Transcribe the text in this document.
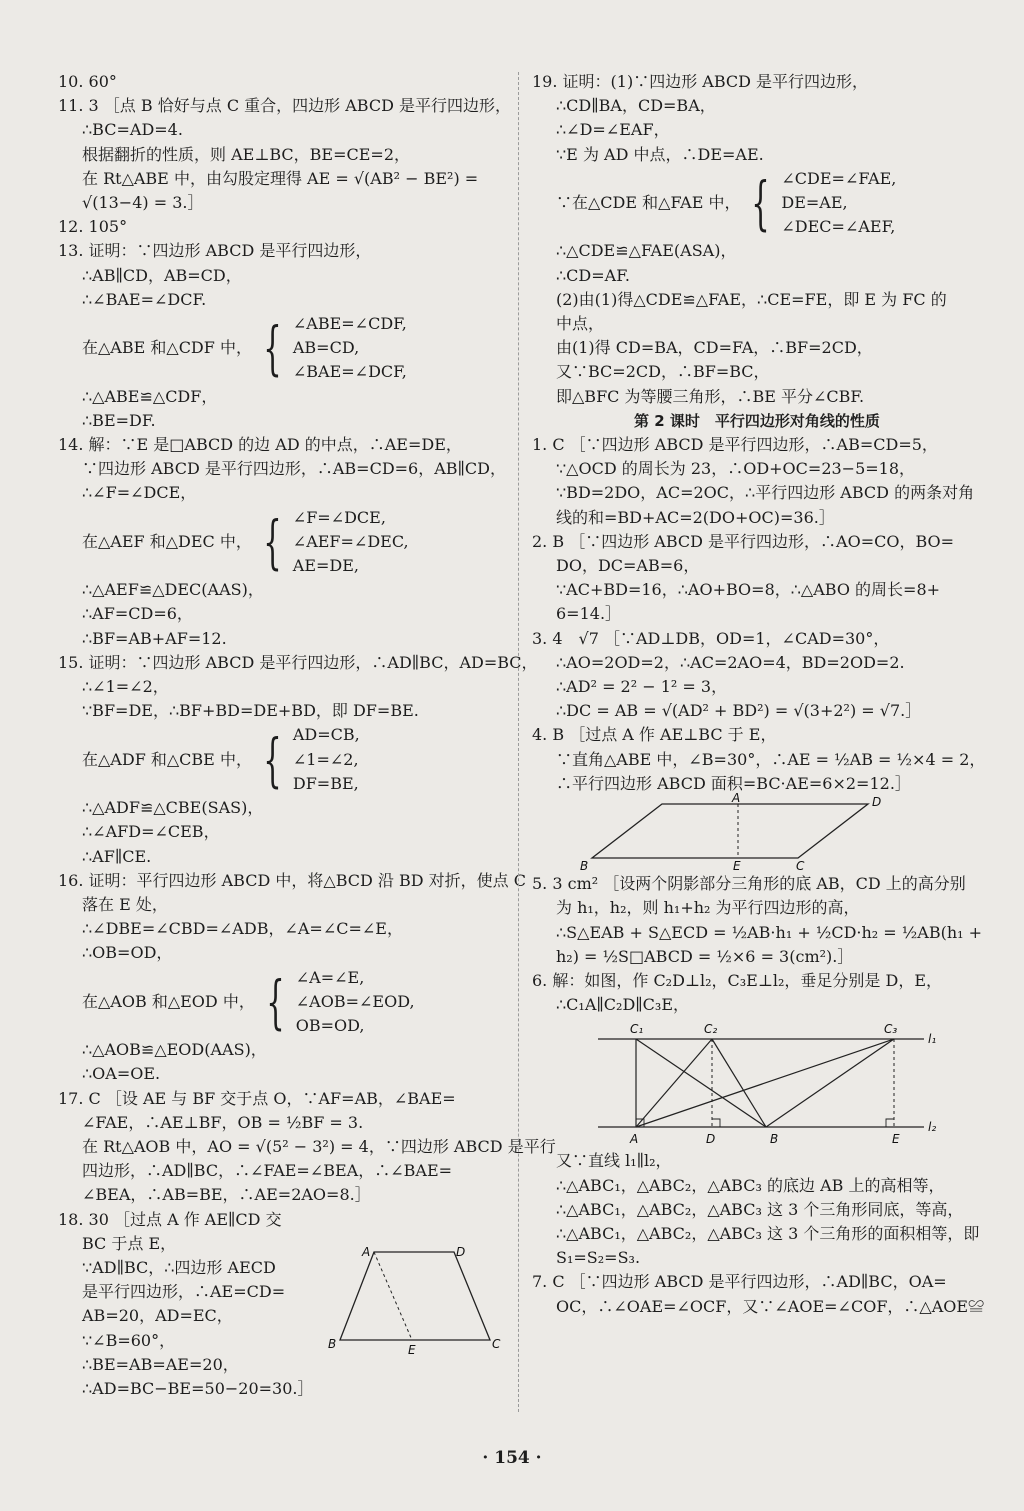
10. 60°
11. 3 ［点 B 恰好与点 C 重合，四边形 ABCD 是平行四边形，
∴BC=AD=4.
根据翻折的性质，则 AE⊥BC，BE=CE=2，
在 Rt△ABE 中，由勾股定理得 AE = √(AB² − BE²) =
√(13−4) = 3.］
12. 105°
13. 证明：∵四边形 ABCD 是平行四边形，
∴AB∥CD，AB=CD，
∴∠BAE=∠DCF.
在△ABE 和△CDF 中， { ∠ABE=∠CDF,
AB=CD,
∠BAE=∠DCF,
∴△ABE≌△CDF，
∴BE=DF.
14. 解：∵E 是□ABCD 的边 AD 的中点，∴AE=DE，
∵四边形 ABCD 是平行四边形，∴AB=CD=6，AB∥CD，
∴∠F=∠DCE，
在△AEF 和△DEC 中， { ∠F=∠DCE,
∠AEF=∠DEC,
AE=DE,
∴△AEF≌△DEC(AAS)，
∴AF=CD=6，
∴BF=AB+AF=12.
15. 证明：∵四边形 ABCD 是平行四边形，∴AD∥BC，AD=BC，
∴∠1=∠2，
∵BF=DE，∴BF+BD=DE+BD，即 DF=BE.
在△ADF 和△CBE 中， { AD=CB,
∠1=∠2,
DF=BE,
∴△ADF≌△CBE(SAS)，
∴∠AFD=∠CEB，
∴AF∥CE.
16. 证明：平行四边形 ABCD 中，将△BCD 沿 BD 对折，使点 C
落在 E 处，
∴∠DBE=∠CBD=∠ADB，∠A=∠C=∠E，
∴OB=OD，
在△AOB 和△EOD 中， { ∠A=∠E,
∠AOB=∠EOD,
OB=OD,
∴△AOB≌△EOD(AAS)，
∴OA=OE.
17. C ［设 AE 与 BF 交于点 O，∵AF=AB，∠BAE=
∠FAE，∴AE⊥BF，OB = ½BF = 3.
在 Rt△AOB 中，AO = √(5² − 3²) = 4，∵四边形 ABCD 是平行
四边形，∴AD∥BC，∴∠FAE=∠BEA，∴∠BAE=
∠BEA，∴AB=BE，∴AE=2AO=8.］
18. 30 ［过点 A 作 AE∥CD 交
BC 于点 E，
∵AD∥BC，∴四边形 AECD
是平行四边形，∴AE=CD=
AB=20，AD=EC，
∵∠B=60°，
∴BE=AB=AE=20，
∴AD=BC−BE=50−20=30.］
19. 证明：(1)∵四边形 ABCD 是平行四边形，
∴CD∥BA，CD=BA，
∴∠D=∠EAF，
∵E 为 AD 中点，∴DE=AE.
∵在△CDE 和△FAE 中， { ∠CDE=∠FAE,
DE=AE,
∠DEC=∠AEF,
∴△CDE≌△FAE(ASA)，
∴CD=AF.
(2)由(1)得△CDE≌△FAE，∴CE=FE，即 E 为 FC 的
中点，
由(1)得 CD=BA，CD=FA，∴BF=2CD，
又∵BC=2CD，∴BF=BC，
即△BFC 为等腰三角形，∴BE 平分∠CBF.
第 2 课时　平行四边形对角线的性质
1. C ［∵四边形 ABCD 是平行四边形，∴AB=CD=5，
∵△OCD 的周长为 23，∴OD+OC=23−5=18，
∵BD=2DO，AC=2OC，∴平行四边形 ABCD 的两条对角
线的和=BD+AC=2(DO+OC)=36.］
2. B ［∵四边形 ABCD 是平行四边形，∴AO=CO，BO=
DO，DC=AB=6，
∵AC+BD=16，∴AO+BO=8，∴△ABO 的周长=8+
6=14.］
3. 4　√7 ［∵AD⊥DB，OD=1，∠CAD=30°，
∴AO=2OD=2，∴AC=2AO=4，BD=2OD=2.
∴AD² = 2² − 1² = 3，
∴DC = AB = √(AD² + BD²) = √(3+2²) = √7.］
4. B ［过点 A 作 AE⊥BC 于 E，
∵直角△ABE 中，∠B=30°，∴AE = ½AB = ½×4 = 2，
∴平行四边形 ABCD 面积=BC·AE=6×2=12.］
A	D
B	E	C
5. 3 cm² ［设两个阴影部分三角形的底 AB，CD 上的高分别
为 h₁，h₂，则 h₁+h₂ 为平行四边形的高，
∴S△EAB + S△ECD = ½AB·h₁ + ½CD·h₂ = ½AB(h₁ +
h₂) = ½S□ABCD = ½×6 = 3(cm²).］
6. 解：如图，作 C₂D⊥l₂，C₃E⊥l₂，垂足分别是 D，E，
∴C₁A∥C₂D∥C₃E，
C₁	C₂	C₃
l₁
A	D	B	E
l₂
又∵直线 l₁∥l₂，
∴△ABC₁，△ABC₂，△ABC₃ 的底边 AB 上的高相等，
∴△ABC₁，△ABC₂，△ABC₃ 这 3 个三角形同底，等高，
∴△ABC₁，△ABC₂，△ABC₃ 这 3 个三角形的面积相等，即
S₁=S₂=S₃.
7. C ［∵四边形 ABCD 是平行四边形，∴AD∥BC，OA=
OC，∴∠OAE=∠OCF，又∵∠AOE=∠COF，∴△AOE≌
A	D
B	E	C
· 154 ·
